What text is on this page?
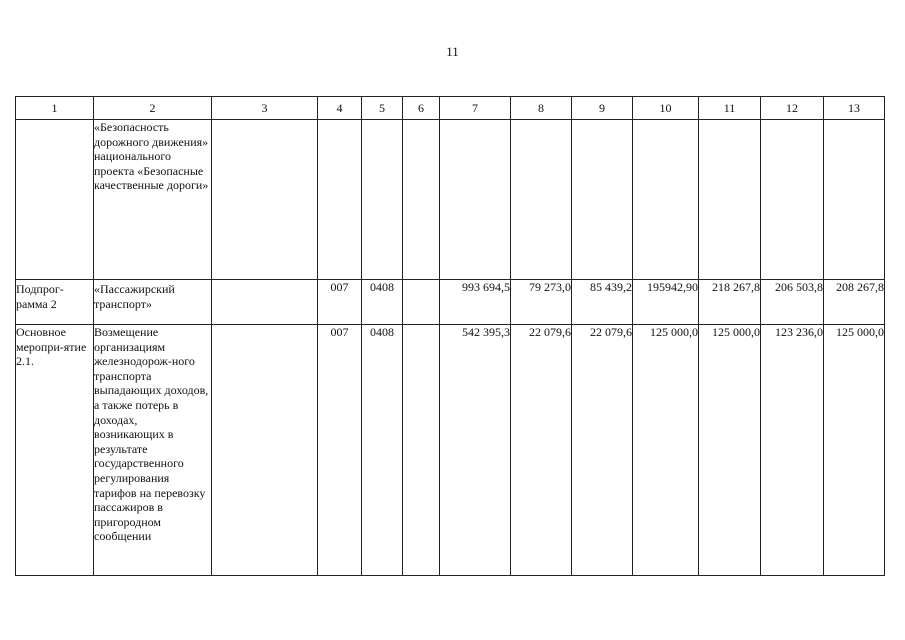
11
1	2	3	4	5	6	7	8	9	10	11	12	13
	«Безопасность дорожного движения» национального проекта «Безопасные качественные дороги»											
Подпрог-рамма 2	«Пассажирский транспорт»		007	0408		993 694,5	79 273,0	85 439,2	195942,90	218 267,8	206 503,8	208 267,8
Основное меропри-ятие 2.1.	Возмещение организациям железнодорож-ного транспорта выпадающих доходов, а также потерь в доходах, возникающих в результате государственного регулирования тарифов на перевозку пассажиров в пригородном сообщении		007	0408		542 395,3	22 079,6	22 079,6	125 000,0	125 000,0	123 236,0	125 000,0
